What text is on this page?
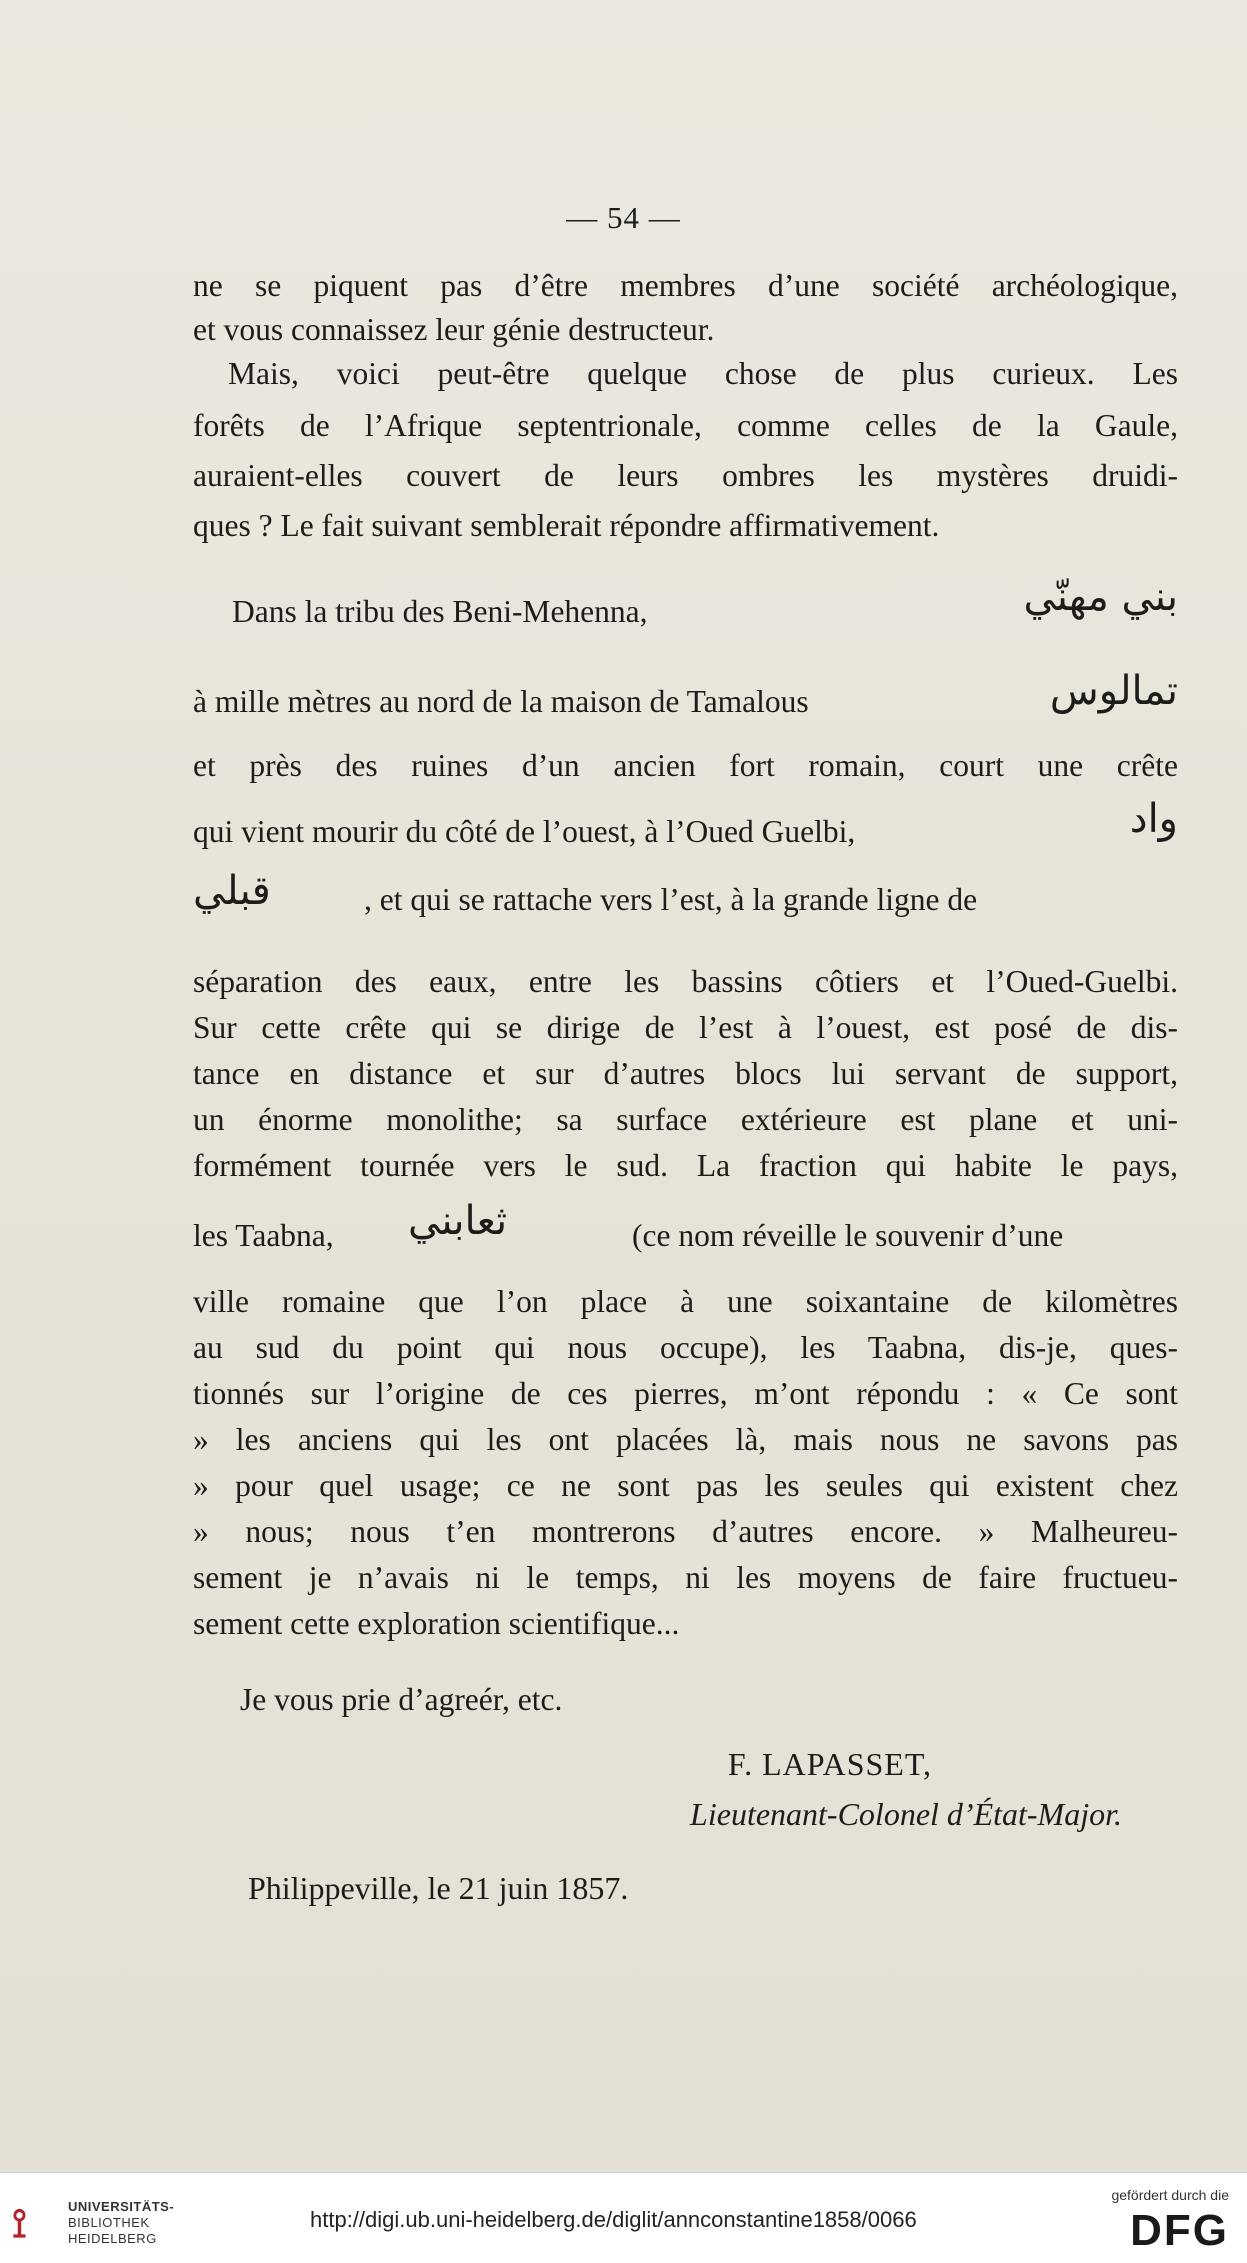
— 54 —
ne se piquent pas d’être membres d’une société archéologique,
et vous connaissez leur génie destructeur.
Mais, voici peut-être quelque chose de plus curieux. Les
forêts de l’Afrique septentrionale, comme celles de la Gaule,
auraient-elles couvert de leurs ombres les mystères druidi-
ques ? Le fait suivant semblerait répondre affirmativement.
Dans la tribu des Beni-Mehenna,	بني مهنّي
à mille mètres au nord de la maison de Tamalous	تمالوس
et près des ruines d’un ancien fort romain, court une crête
qui vient mourir du côté de l’ouest, à l’Oued Guelbi,	واد
قبلي	, et qui se rattache vers l’est, à la grande ligne de
séparation des eaux, entre les bassins côtiers et l’Oued-Guelbi.
Sur cette crête qui se dirige de l’est à l’ouest, est posé de dis-
tance en distance et sur d’autres blocs lui servant de support,
un énorme monolithe; sa surface extérieure est plane et uni-
formément tournée vers le sud. La fraction qui habite le pays,
les Taabna,	ثعابني	(ce nom réveille le souvenir d’une
ville romaine que l’on place à une soixantaine de kilomètres
au sud du point qui nous occupe), les Taabna, dis-je, ques-
tionnés sur l’origine de ces pierres, m’ont répondu : « Ce sont
» les anciens qui les ont placées là, mais nous ne savons pas
» pour quel usage; ce ne sont pas les seules qui existent chez
» nous; nous t’en montrerons d’autres encore. » Malheureu-
sement je n’avais ni le temps, ni les moyens de faire fructueu-
sement cette exploration scientifique...
Je vous prie d’agreér, etc.
F. LAPASSET,
Lieutenant-Colonel d’État-Major.
Philippeville, le 21 juin 1857.
⟟	UNIVERSITÄTS-
BIBLIOTHEK
HEIDELBERG
http://digi.ub.uni-heidelberg.de/diglit/annconstantine1858/0066
gefördert durch die
DFG
